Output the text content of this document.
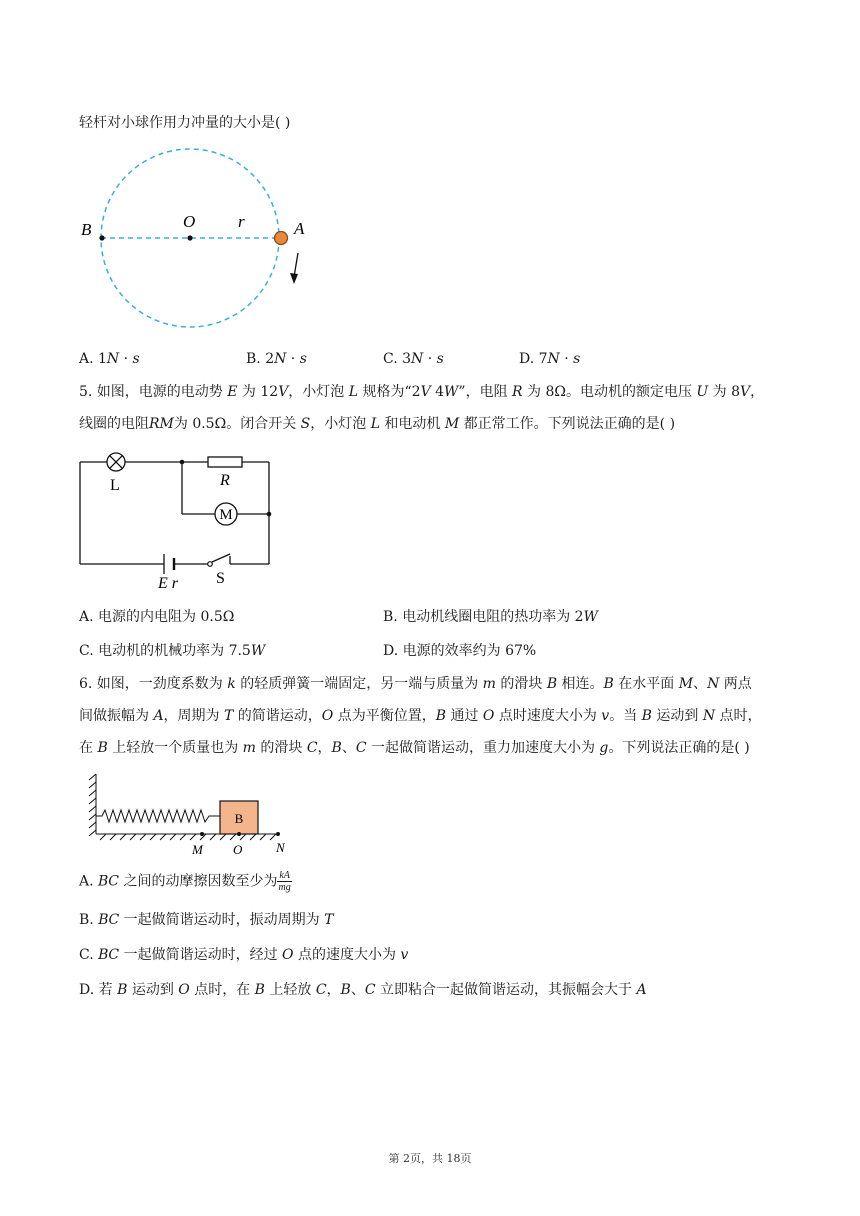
轻杆对小球作用力冲量的大小是( )
B	O	r	A
A. 1𝑁 · 𝑠	B. 2𝑁 · 𝑠	C. 3𝑁 · 𝑠	D. 7𝑁 · 𝑠
5. 如图，电源的电动势 𝐸 为 12𝑉，小灯泡 𝐿 规格为“2𝑉 4𝑊”，电阻 𝑅 为 8Ω。电动机的额定电压 𝑈 为 8𝑉，
线圈的电阻𝑅𝑀为 0.5Ω。闭合开关 𝑆，小灯泡 𝐿 和电动机 𝑀 都正常工作。下列说法正确的是( )
M
L	R
E r S
A. 电源的内电阻为 0.5Ω	B. 电动机线圈电阻的热功率为 2𝑊
C. 电动机的机械功率为 7.5𝑊	D. 电源的效率约为 67%
6. 如图，一劲度系数为 𝑘 的轻质弹簧一端固定，另一端与质量为 𝑚 的滑块 𝐵 相连。𝐵 在水平面 𝑀、𝑁 两点
间做振幅为 𝐴，周期为 𝑇 的简谐运动，𝑂 点为平衡位置，𝐵 通过 𝑂 点时速度大小为 𝑣。当 𝐵 运动到 𝑁 点时，
在 𝐵 上轻放一个质量也为 𝑚 的滑块 𝐶，𝐵、𝐶 一起做简谐运动，重力加速度大小为 𝑔。下列说法正确的是( )
B
M O	N
A. 𝐵𝐶 之间的动摩擦因数至少为 $\frac{kA}{mg}$
B. 𝐵𝐶 一起做简谐运动时，振动周期为 𝑇
C. 𝐵𝐶 一起做简谐运动时，经过 𝑂 点的速度大小为 𝑣
D. 若 𝐵 运动到 𝑂 点时，在 𝐵 上轻放 𝐶，𝐵、𝐶 立即粘合一起做简谐运动，其振幅会大于 𝐴
第 2页，共 18页
